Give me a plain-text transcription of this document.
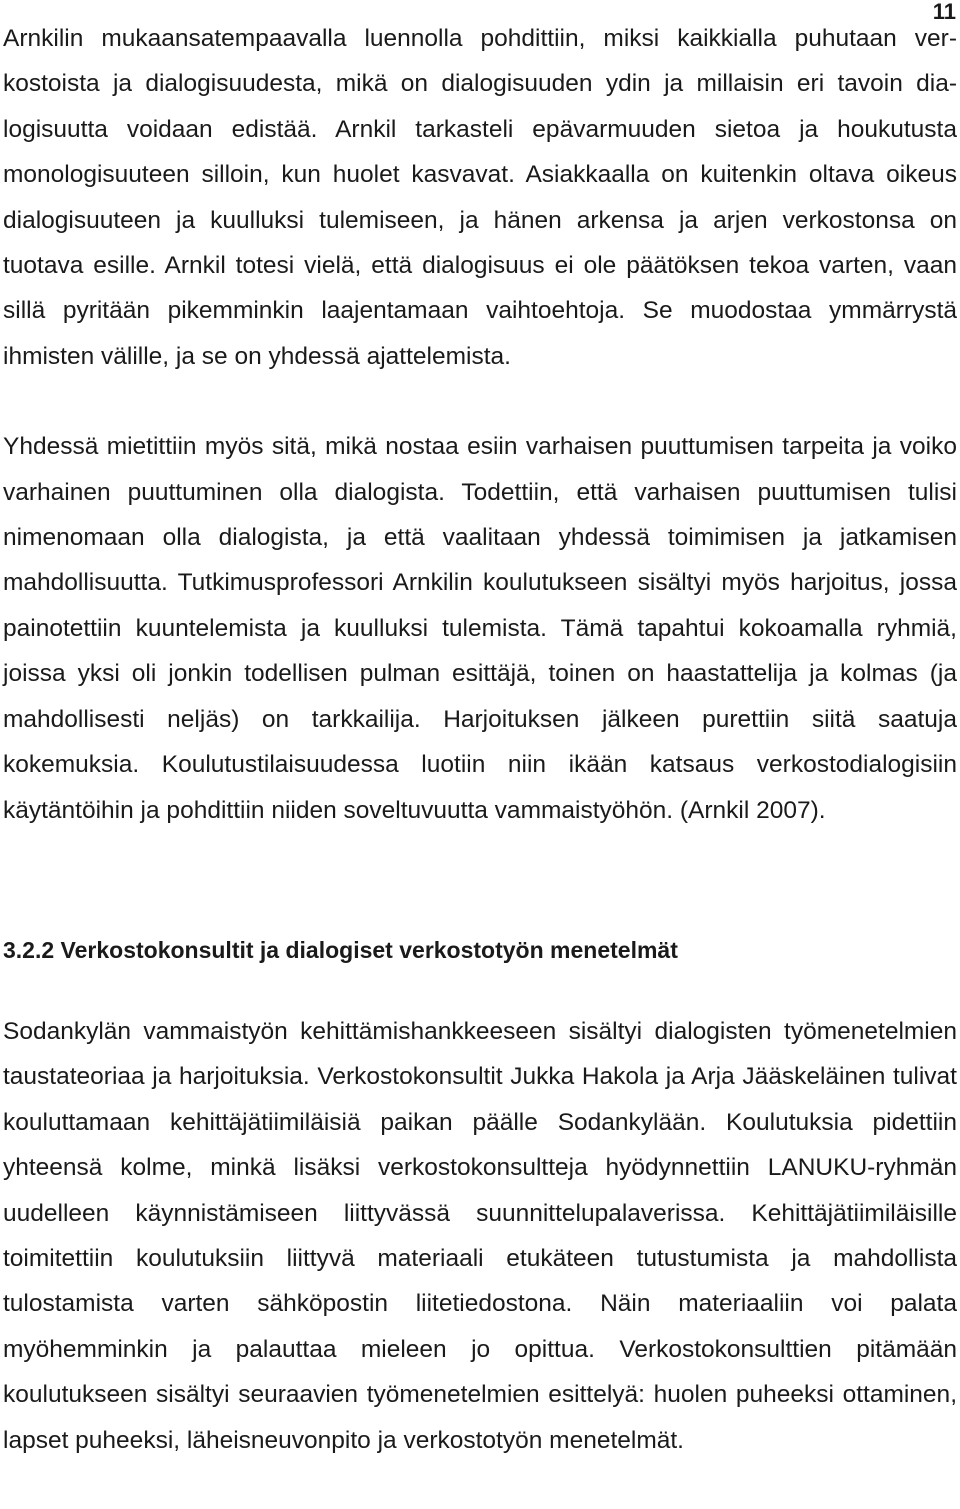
11

Arnkilin mukaansatempaavalla luennolla pohdittiin, miksi kaikkialla puhutaan verkostoista ja dialogisuudesta, mikä on dialogisuuden ydin ja millaisin eri tavoin dialogisuutta voidaan edistää. Arnkil tarkasteli epävarmuuden sietoa ja houkutusta monologisuuteen silloin, kun huolet kasvavat. Asiakkaalla on kuitenkin oltava oikeus dialogisuuteen ja kuulluksi tulemiseen, ja hänen arkensa ja arjen verkostonsa on tuotava esille. Arnkil totesi vielä, että dialogisuus ei ole päätöksen tekoa varten, vaan sillä pyritään pikemminkin laajentamaan vaihtoehtoja. Se muodostaa ymmärrystä ihmisten välille, ja se on yhdessä ajattelemista.

Yhdessä mietittiin myös sitä, mikä nostaa esiin varhaisen puuttumisen tarpeita ja voiko varhainen puuttuminen olla dialogista. Todettiin, että varhaisen puuttumisen tulisi nimenomaan olla dialogista, ja että vaalitaan yhdessä toimimisen ja jatkamisen mahdollisuutta. Tutkimusprofessori Arnkilin koulutukseen sisältyi myös harjoitus, jossa painotettiin kuuntelemista ja kuulluksi tulemista. Tämä tapahtui kokoamalla ryhmiä, joissa yksi oli jonkin todellisen pulman esittäjä, toinen on haastattelija ja kolmas (ja mahdollisesti neljäs) on tarkkailija. Harjoituksen jälkeen purettiin siitä saatuja kokemuksia. Koulutustilaisuudessa luotiin niin ikään katsaus verkostodialogisiin käytäntöihin ja pohdittiin niiden soveltuvuutta vammaistyöhön. (Arnkil 2007).

3.2.2 Verkostokonsultit ja dialogiset verkostotyön menetelmät

Sodankylän vammaistyön kehittämishankkeeseen sisältyi dialogisten työmenetelmien taustateoriaa ja harjoituksia. Verkostokonsultit Jukka Hakola ja Arja Jääskeläinen tulivat kouluttamaan kehittäjätiimiläisiä paikan päälle Sodankylään. Koulutuksia pidettiin yhteensä kolme, minkä lisäksi verkostokonsultteja hyödynnettiin LANUKU-ryhmän uudelleen käynnistämiseen liittyvässä suunnittelupalaverissa. Kehittäjätiimiläisille toimitettiin koulutuksiin liittyvä materiaali etukäteen tutustumista ja mahdollista tulostamista varten sähköpostin liitetiedostona. Näin materiaaliin voi palata myöhemminkin ja palauttaa mieleen jo opittua. Verkostokonsulttien pitämään koulutukseen sisältyi seuraavien työmenetelmien esittelyä: huolen puheeksi ottaminen, lapset puheeksi, läheisneuvonpito ja verkostotyön menetelmät.
